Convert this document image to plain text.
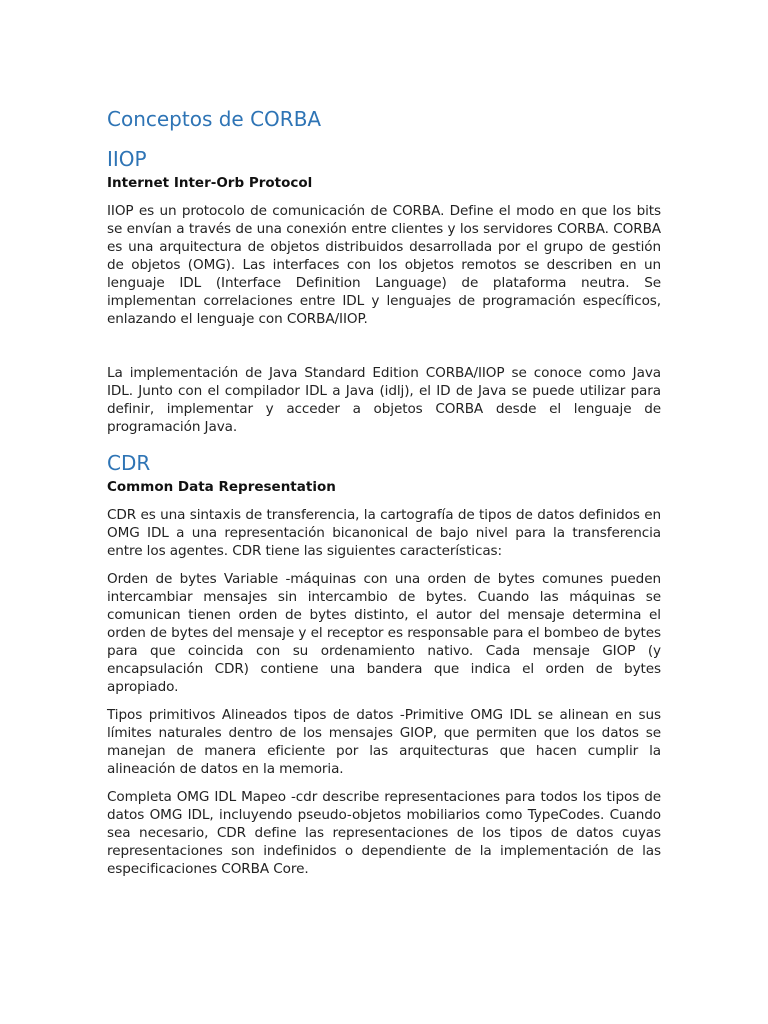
Conceptos de CORBA
IIOP
Internet Inter-Orb Protocol

IIOP es un protocolo de comunicación de CORBA. Define el modo en que los bits se envían a través de una conexión entre clientes y los servidores CORBA. CORBA es una arquitectura de objetos distribuidos desarrollada por el grupo de gestión de objetos (OMG). Las interfaces con los objetos remotos se describen en un lenguaje IDL (Interface Definition Language) de plataforma neutra. Se implementan correlaciones entre IDL y lenguajes de programación específicos, enlazando el lenguaje con CORBA/IIOP.

La implementación de Java Standard Edition CORBA/IIOP se conoce como Java IDL. Junto con el compilador IDL a Java (idlj), el ID de Java se puede utilizar para definir, implementar y acceder a objetos CORBA desde el lenguaje de programación Java.

CDR
Common Data Representation

CDR es una sintaxis de transferencia, la cartografía de tipos de datos definidos en OMG IDL a una representación bicanonical de bajo nivel para la transferencia entre los agentes. CDR tiene las siguientes características:

Orden de bytes Variable -máquinas con una orden de bytes comunes pueden intercambiar mensajes sin intercambio de bytes. Cuando las máquinas se comunican tienen orden de bytes distinto, el autor del mensaje determina el orden de bytes del mensaje y el receptor es responsable para el bombeo de bytes para que coincida con su ordenamiento nativo. Cada mensaje GIOP (y encapsulación CDR) contiene una bandera que indica el orden de bytes apropiado.

Tipos primitivos Alineados tipos de datos -Primitive OMG IDL se alinean en sus límites naturales dentro de los mensajes GIOP, que permiten que los datos se manejan de manera eficiente por las arquitecturas que hacen cumplir la alineación de datos en la memoria.

Completa OMG IDL Mapeo -cdr describe representaciones para todos los tipos de datos OMG IDL, incluyendo pseudo-objetos mobiliarios como TypeCodes. Cuando sea necesario, CDR define las representaciones de los tipos de datos cuyas representaciones son indefinidos o dependiente de la implementación de las especificaciones CORBA Core.
